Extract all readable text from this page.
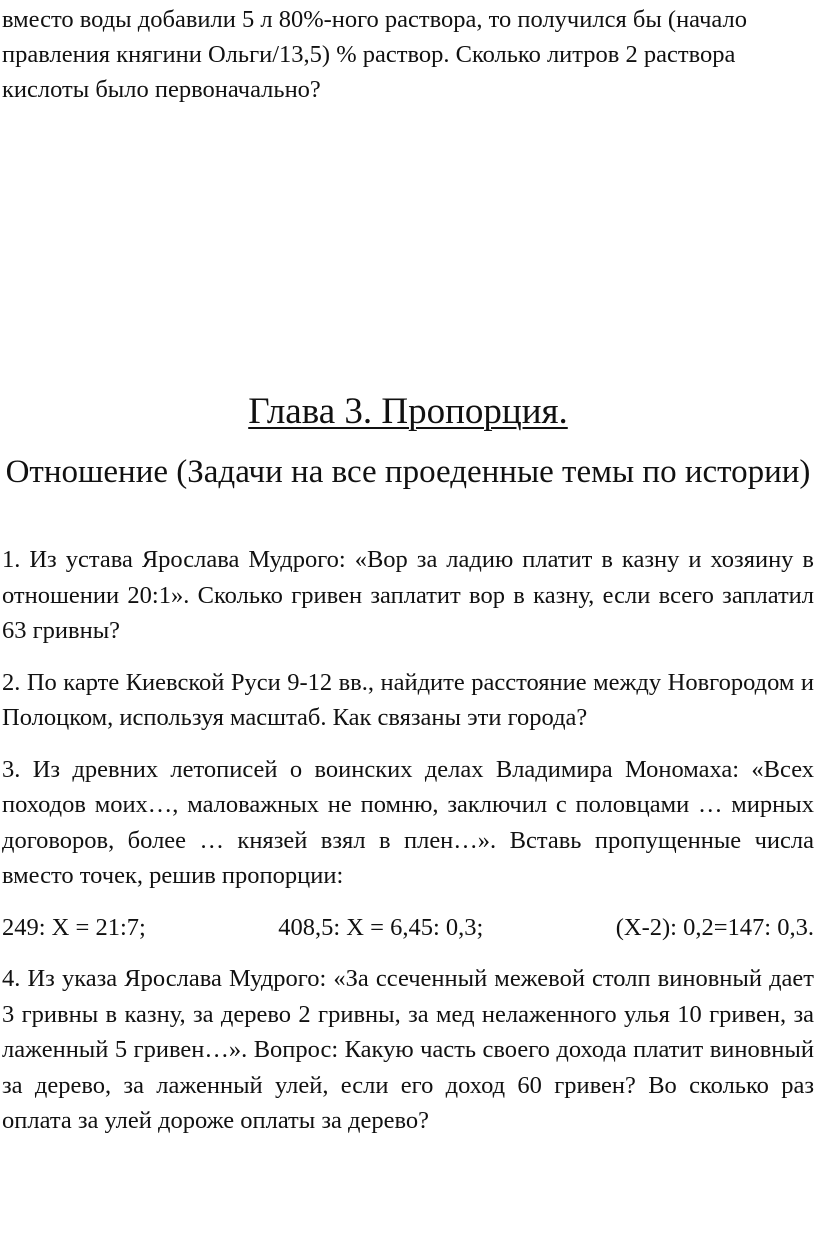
вместо воды добавили 5 л 80%-ного раствора, то получился бы (начало правления княгини Ольги/13,5) % раствор. Сколько литров 2 раствора кислоты было первоначально?

Глава 3. Пропорция.
Отношение (Задачи на все проеденные темы по истории)

1. Из устава Ярослава Мудрого: «Вор за ладию платит в казну и хозяину в отношении 20:1». Сколько гривен заплатит вор в казну, если всего заплатил 63 гривны?

2. По карте Киевской Руси 9-12 вв., найдите расстояние между Новгородом и Полоцком, используя масштаб. Как связаны эти города?

3. Из древних летописей о воинских делах Владимира Мономаха: «Всех походов моих…, маловажных не помню, заключил с половцами … мирных договоров, более … князей взял в плен…». Вставь пропущенные числа вместо точек, решив пропорции:

249: X = 21:7;	408,5: X = 6,45: 0,3;	(X-2): 0,2=147: 0,3.

4. Из указа Ярослава Мудрого: «За ссеченный межевой столп виновный дает 3 гривны в казну, за дерево 2 гривны, за мед нелаженного улья 10 гривен, за лаженный 5 гривен…». Вопрос: Какую часть своего дохода платит виновный за дерево, за лаженный улей, если его доход 60 гривен? Во сколько раз оплата за улей дороже оплаты за дерево?
